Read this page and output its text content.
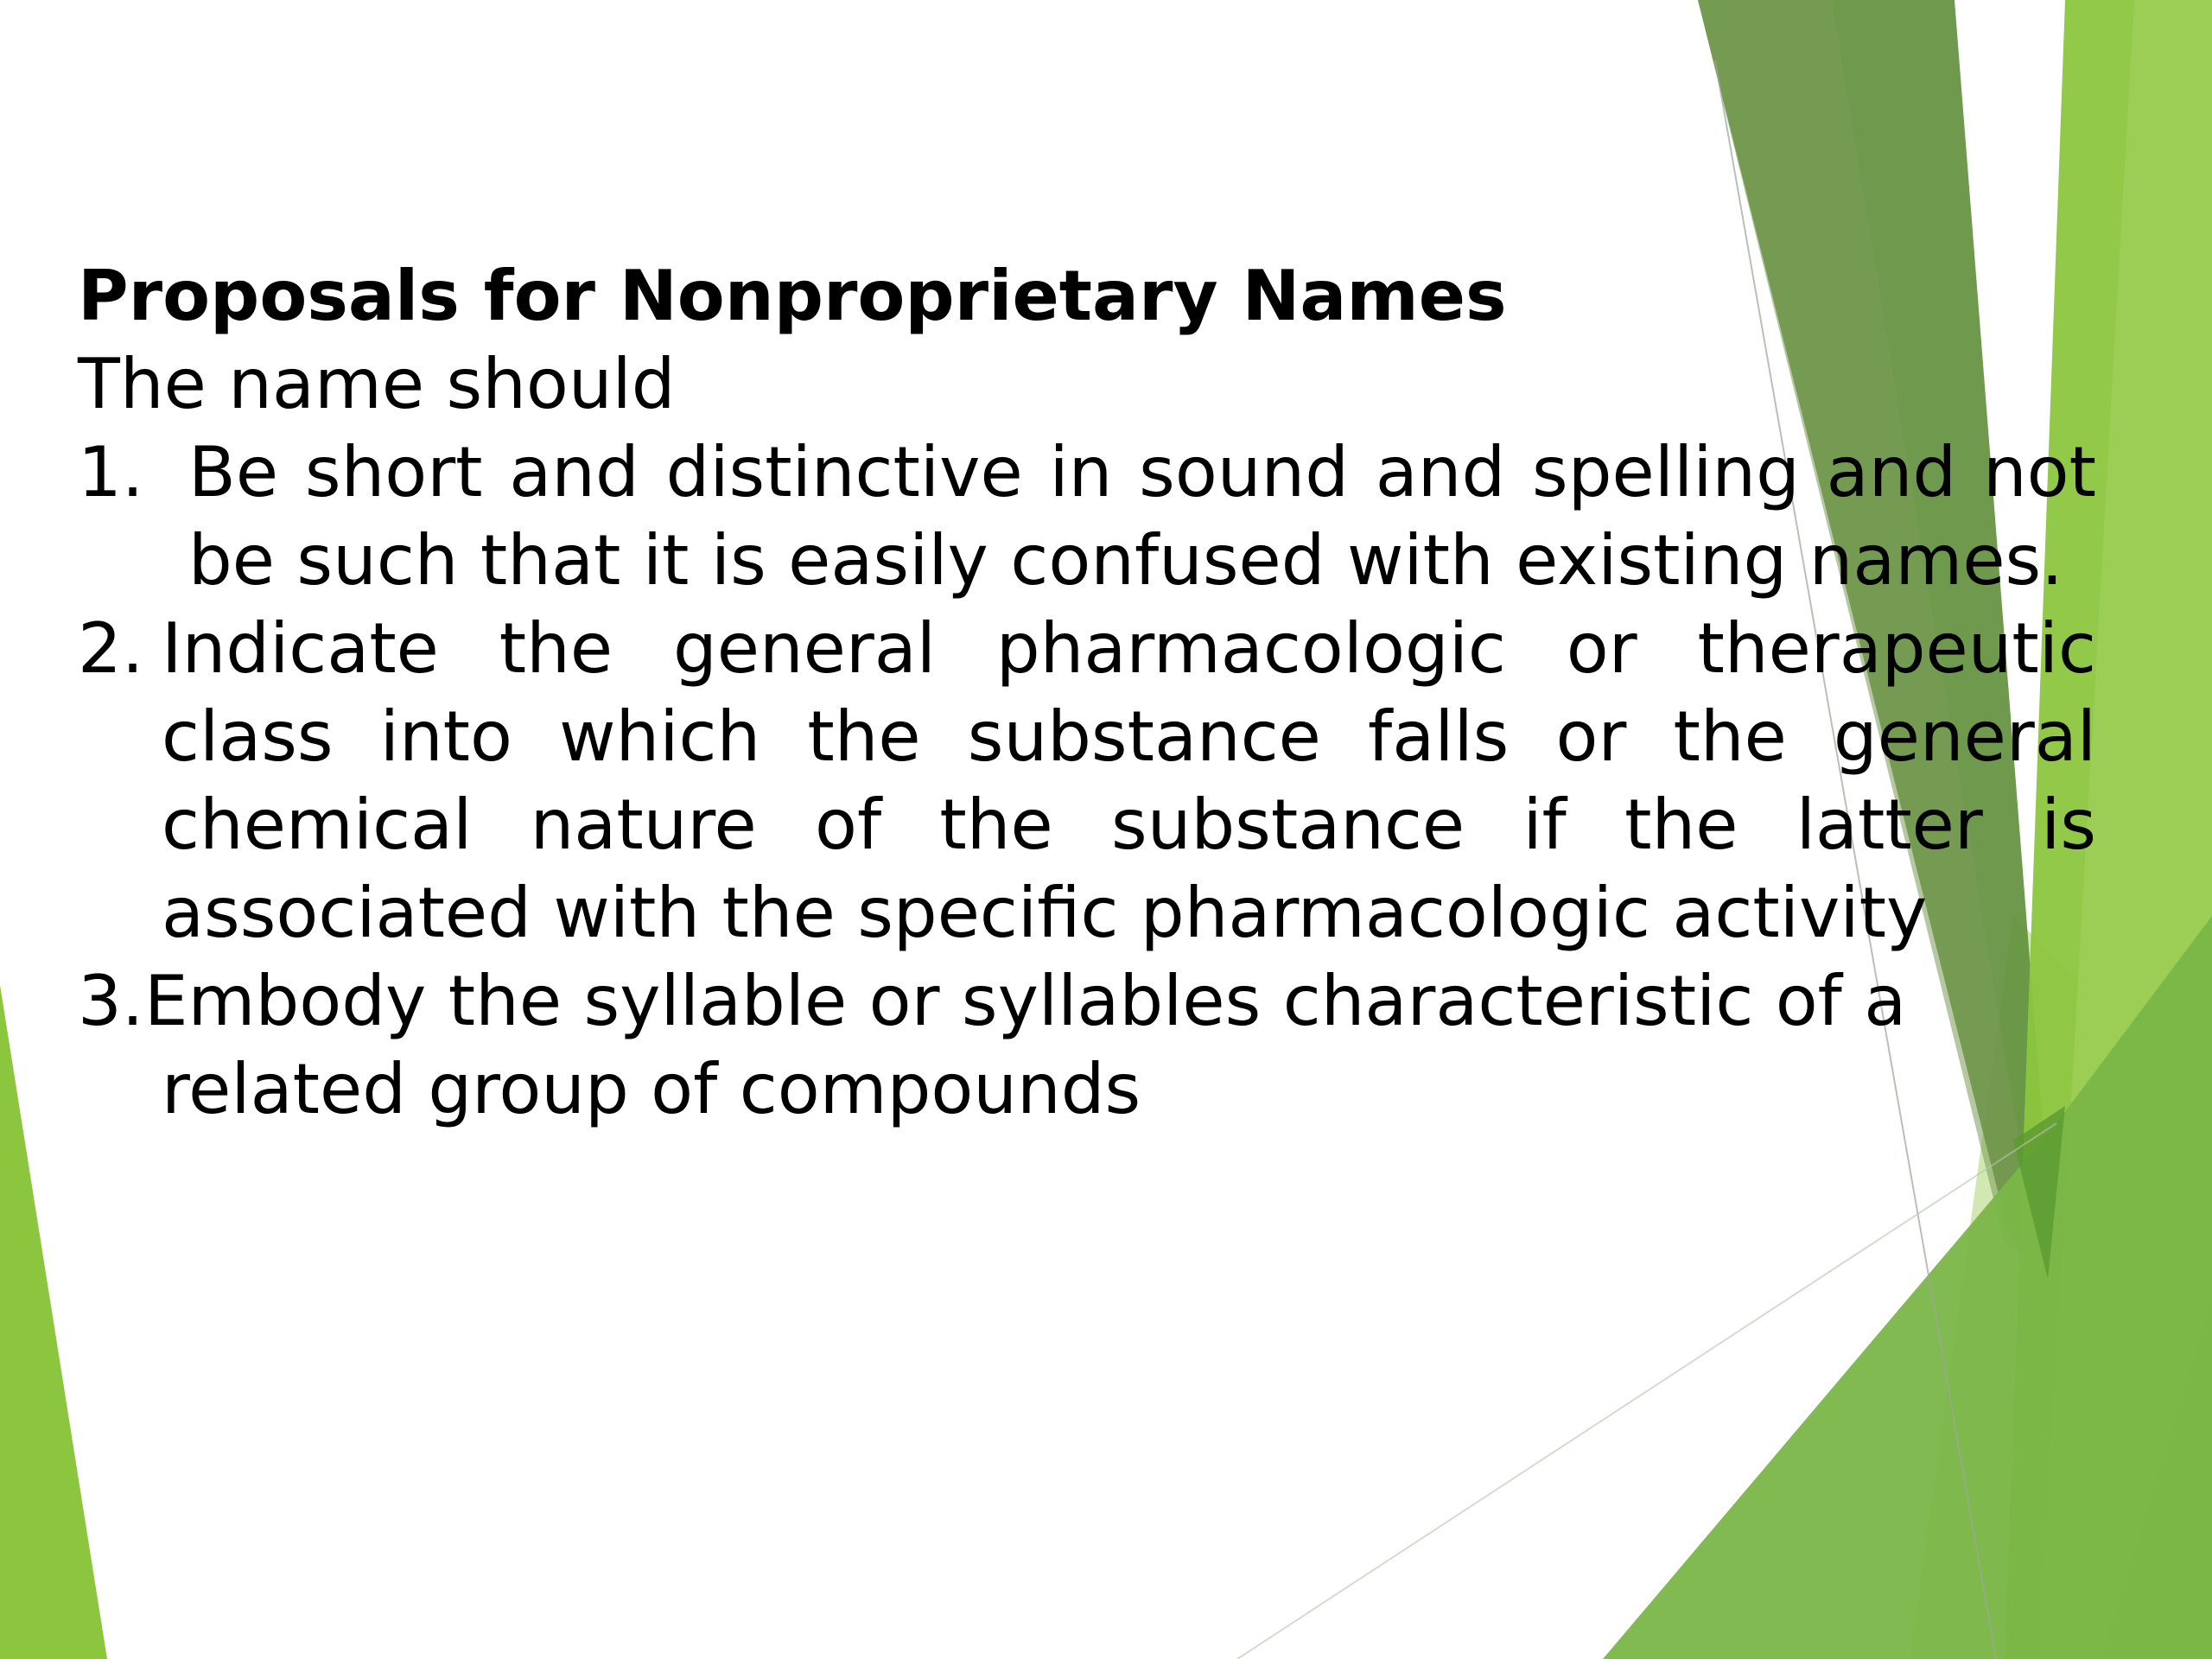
Proposals for Nonproprietary Names

The name should

1. Be short and distinctive in sound and spelling and not be such that it is easily confused with existing names.
2. Indicate the general pharmacologic or therapeutic class into which the substance falls or the general chemical nature of the substance if the latter is associated with the specific pharmacologic activity
3. Embody the syllable or syllables characteristic of a related group of compounds
